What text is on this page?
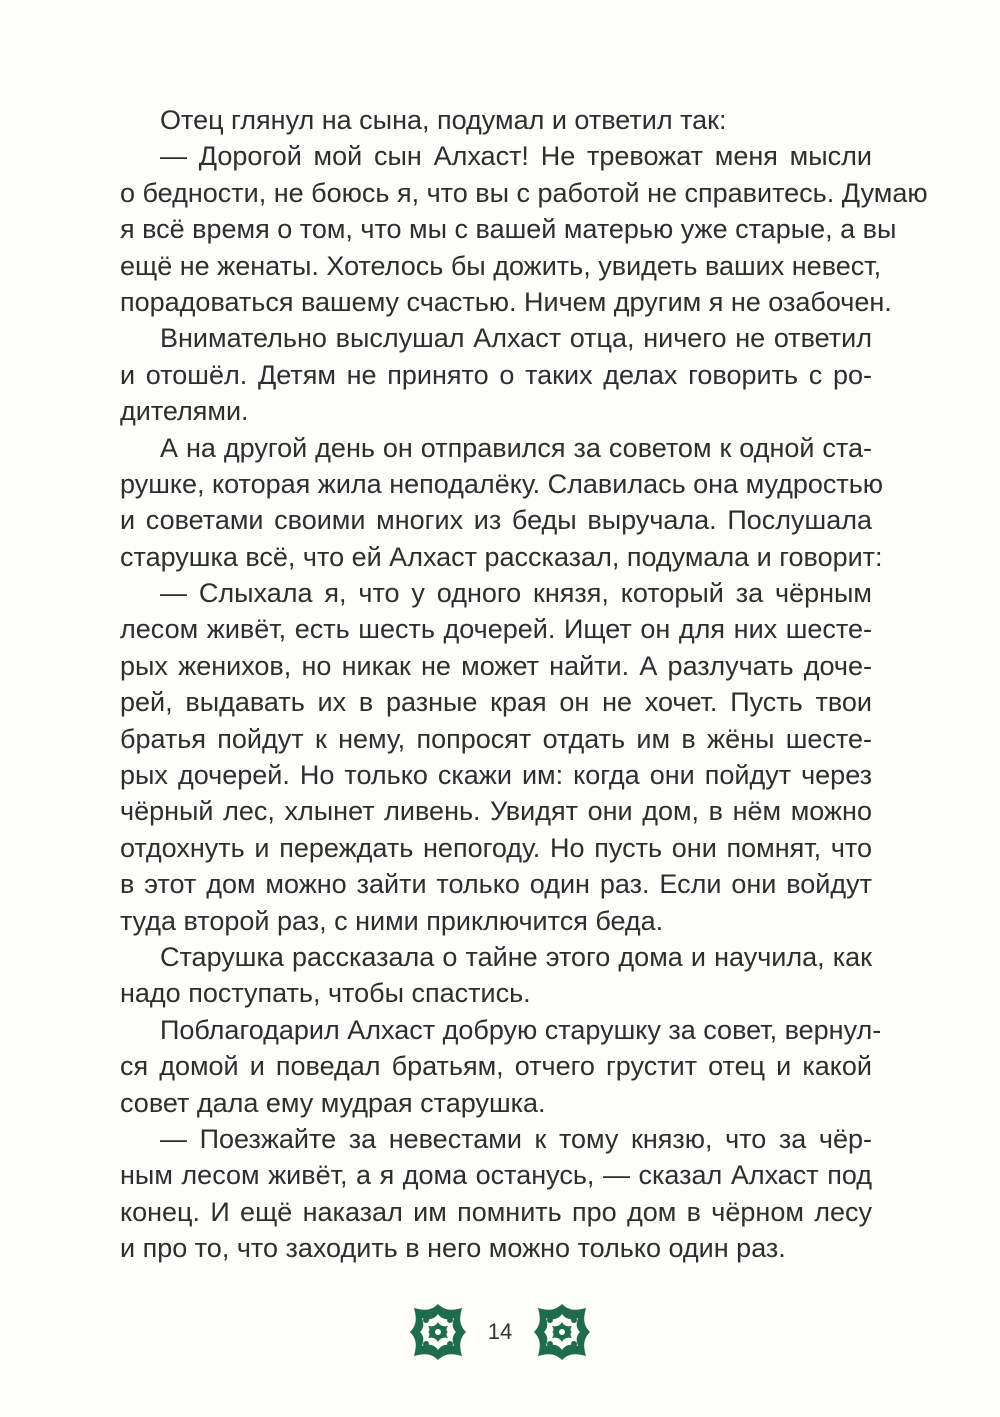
Отец глянул на сына, подумал и ответил так:
— Дорогой мой сын Алхаст! Не тревожат меня мысли
о бедности, не боюсь я, что вы с работой не справитесь. Думаю
я всё время о том, что мы с вашей матерью уже старые, а вы
ещё не женаты. Хотелось бы дожить, увидеть ваших невест,
порадоваться вашему счастью. Ничем другим я не озабочен.
Внимательно выслушал Алхаст отца, ничего не ответил
и отошёл. Детям не принято о таких делах говорить с ро-
дителями.
А на другой день он отправился за советом к одной ста-
рушке, которая жила неподалёку. Славилась она мудростью
и советами своими многих из беды выручала. Послушала
старушка всё, что ей Алхаст рассказал, подумала и говорит:
— Слыхала я, что у одного князя, который за чёрным
лесом живёт, есть шесть дочерей. Ищет он для них шесте-
рых женихов, но никак не может найти. А разлучать доче-
рей, выдавать их в разные края он не хочет. Пусть твои
братья пойдут к нему, попросят отдать им в жёны шесте-
рых дочерей. Но только скажи им: когда они пойдут через
чёрный лес, хлынет ливень. Увидят они дом, в нём можно
отдохнуть и переждать непогоду. Но пусть они помнят, что
в этот дом можно зайти только один раз. Если они войдут
туда второй раз, с ними приключится беда.
Старушка рассказала о тайне этого дома и научила, как
надо поступать, чтобы спастись.
Поблагодарил Алхаст добрую старушку за совет, вернул-
ся домой и поведал братьям, отчего грустит отец и какой
совет дала ему мудрая старушка.
— Поезжайте за невестами к тому князю, что за чёр-
ным лесом живёт, а я дома останусь, — сказал Алхаст под
конец. И ещё наказал им помнить про дом в чёрном лесу
и про то, что заходить в него можно только один раз.
14
